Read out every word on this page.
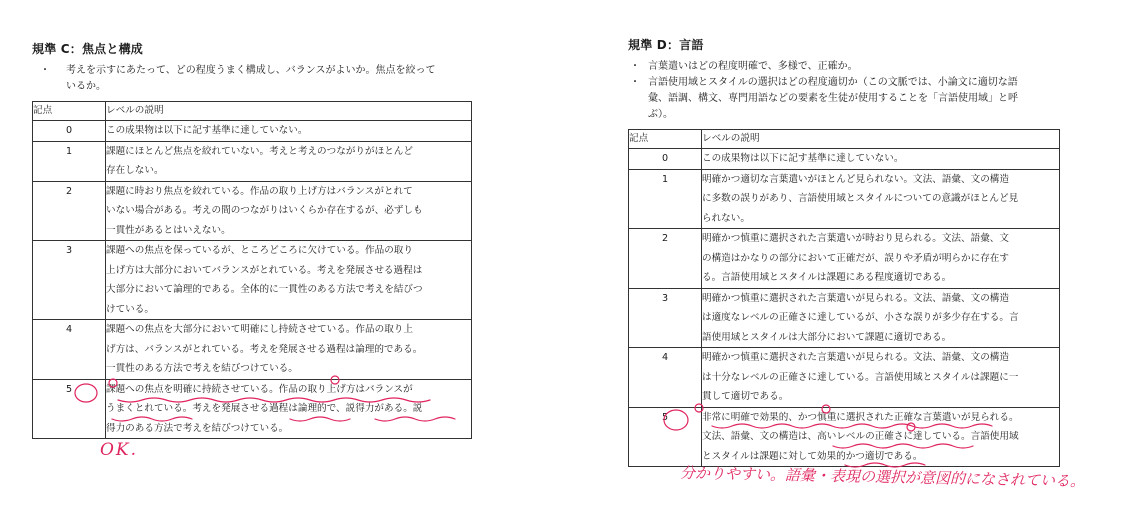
規準 C：焦点と構成
・ 考えを示すにあたって、どの程度うまく構成し、バランスがよいか。焦点を絞って
いるか。
記点	レベルの説明
0	この成果物は以下に記す基準に達していない。

1	課題にほとんど焦点を絞れていない。考えと考えのつながりがほとんど
存在しない。

2	課題に時おり焦点を絞れている。作品の取り上げ方はバランスがとれて
いない場合がある。考えの間のつながりはいくらか存在するが、必ずしも
一貫性があるとはいえない。

3	課題への焦点を保っているが、ところどころに欠けている。作品の取り
上げ方は大部分においてバランスがとれている。考えを発展させる過程は
大部分において論理的である。全体的に一貫性のある方法で考えを結びつ
けている。

4	課題への焦点を大部分において明確にし持続させている。作品の取り上
げ方は、バランスがとれている。考えを発展させる過程は論理的である。
一貫性のある方法で考えを結びつけている。

5	課題への焦点を明確に持続させている。作品の取り上げ方はバランスが
うまくとれている。考えを発展させる過程は論理的で、説得力がある。説
得力のある方法で考えを結びつけている。
規準 D：言語
・ 言葉遣いはどの程度明確で、多様で、正確か。
・ 言語使用域とスタイルの選択はどの程度適切か（この文脈では、小論文に適切な語
彙、語調、構文、専門用語などの要素を生徒が使用することを「言語使用域」と呼
ぶ）。
記点	レベルの説明
0	この成果物は以下に記す基準に達していない。

1	明確かつ適切な言葉遣いがほとんど見られない。文法、語彙、文の構造
に多数の誤りがあり、言語使用域とスタイルについての意識がほとんど見
られない。

2	明確かつ慎重に選択された言葉遣いが時おり見られる。文法、語彙、文
の構造はかなりの部分において正確だが、誤りや矛盾が明らかに存在す
る。言語使用域とスタイルは課題にある程度適切である。

3	明確かつ慎重に選択された言葉遣いが見られる。文法、語彙、文の構造
は適度なレベルの正確さに達しているが、小さな誤りが多少存在する。言
語使用域とスタイルは大部分において課題に適切である。

4	明確かつ慎重に選択された言葉遣いが見られる。文法、語彙、文の構造
は十分なレベルの正確さに達している。言語使用域とスタイルは課題に一
貫して適切である。

5	非常に明確で効果的、かつ慎重に選択された正確な言葉遣いが見られる。
文法、語彙、文の構造は、高いレベルの正確さに達している。言語使用域
とスタイルは課題に対して効果的かつ適切である。
OK.
分かりやすい。語彙・表現の選択が意図的になされている。
